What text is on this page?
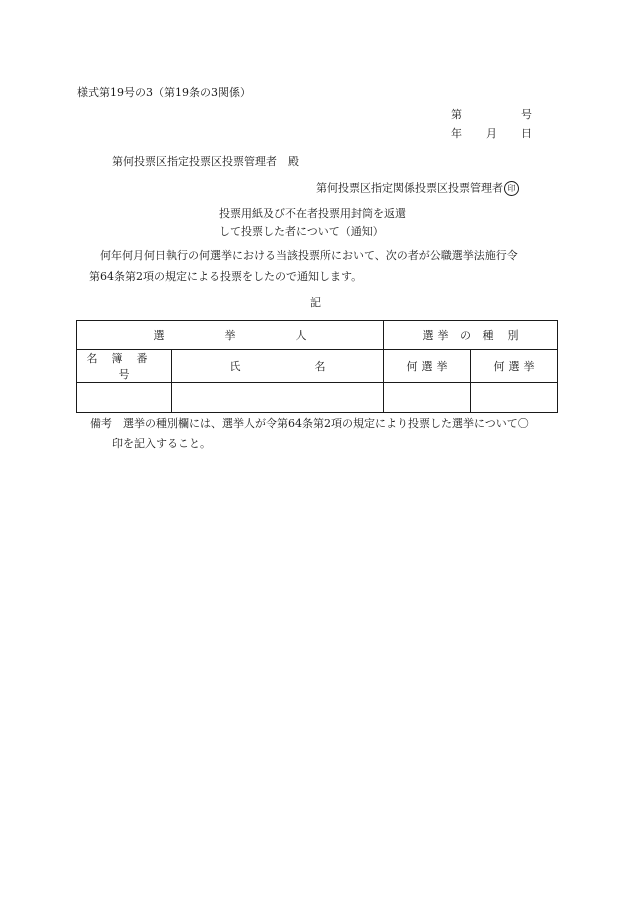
様式第19号の3（第19条の3関係）
第	号
年 月 日
第何投票区指定投票区投票管理者　殿
第何投票区指定関係投票区投票管理者 印
投票用紙及び不在者投票用封筒を返還
して投票した者について（通知）
何年何月何日執行の何選挙における当該投票所において、次の者が公職選挙法施行令
第64条第2項の規定による投票をしたので通知します。
記
選挙人		選挙 の 種別	
名簿番号	氏名	何選挙	何選挙

備考　選挙の種別欄には、選挙人が令第64条第2項の規定により投票した選挙について〇
印を記入すること。
